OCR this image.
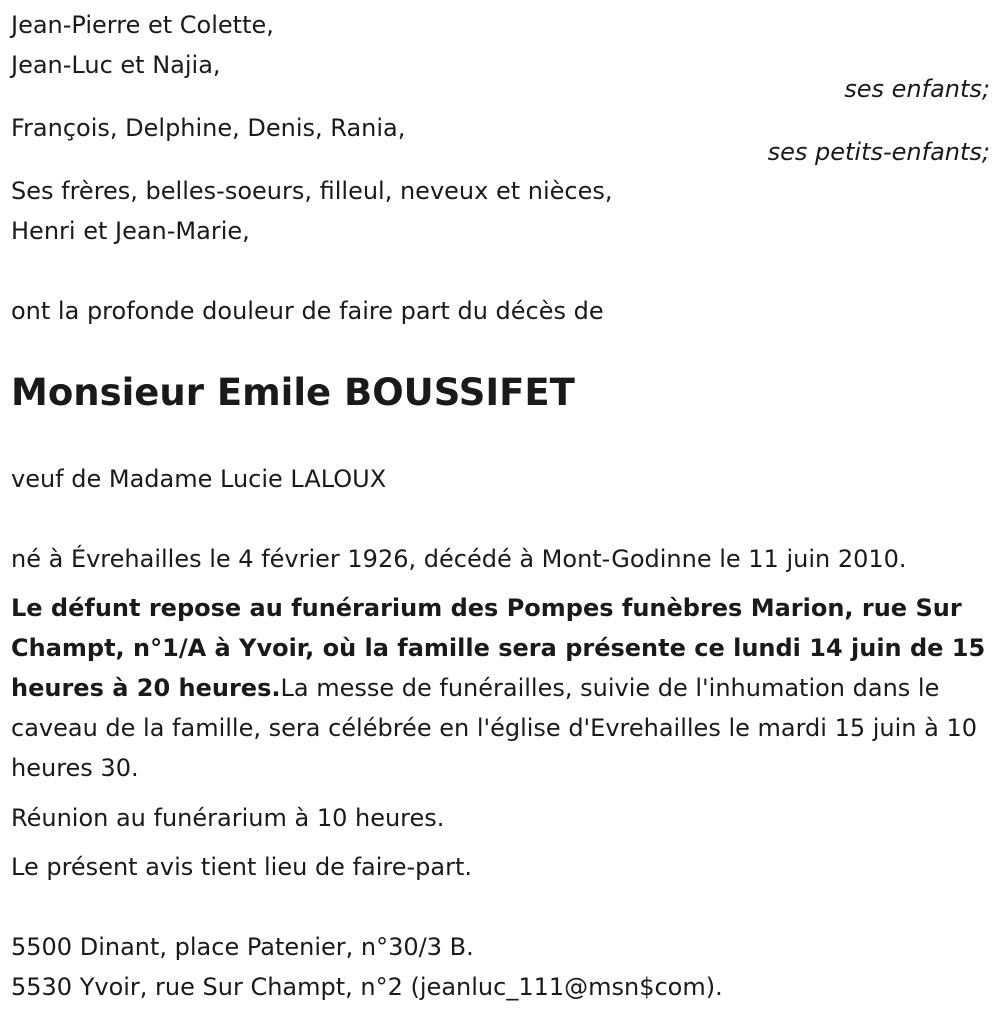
Jean-Pierre et Colette,
Jean-Luc et Najia,
ses enfants;
François, Delphine, Denis, Rania,
ses petits-enfants;
Ses frères, belles-soeurs, filleul, neveux et nièces,
Henri et Jean-Marie,
ont la profonde douleur de faire part du décès de
Monsieur Emile BOUSSIFET
veuf de Madame Lucie LALOUX
né à Évrehailles le 4 février 1926, décédé à Mont-Godinne le 11 juin 2010.
Le défunt repose au funérarium des Pompes funèbres Marion, rue Sur Champt, n°1/A à Yvoir, où la famille sera présente ce lundi 14 juin de 15 heures à 20 heures.La messe de funérailles, suivie de l'inhumation dans le caveau de la famille, sera célébrée en l'église d'Evrehailles le mardi 15 juin à 10 heures 30.
Réunion au funérarium à 10 heures.
Le présent avis tient lieu de faire-part.
5500 Dinant, place Patenier, n°30/3 B.
5530 Yvoir, rue Sur Champt, n°2 (jeanluc_111@msn$com).
